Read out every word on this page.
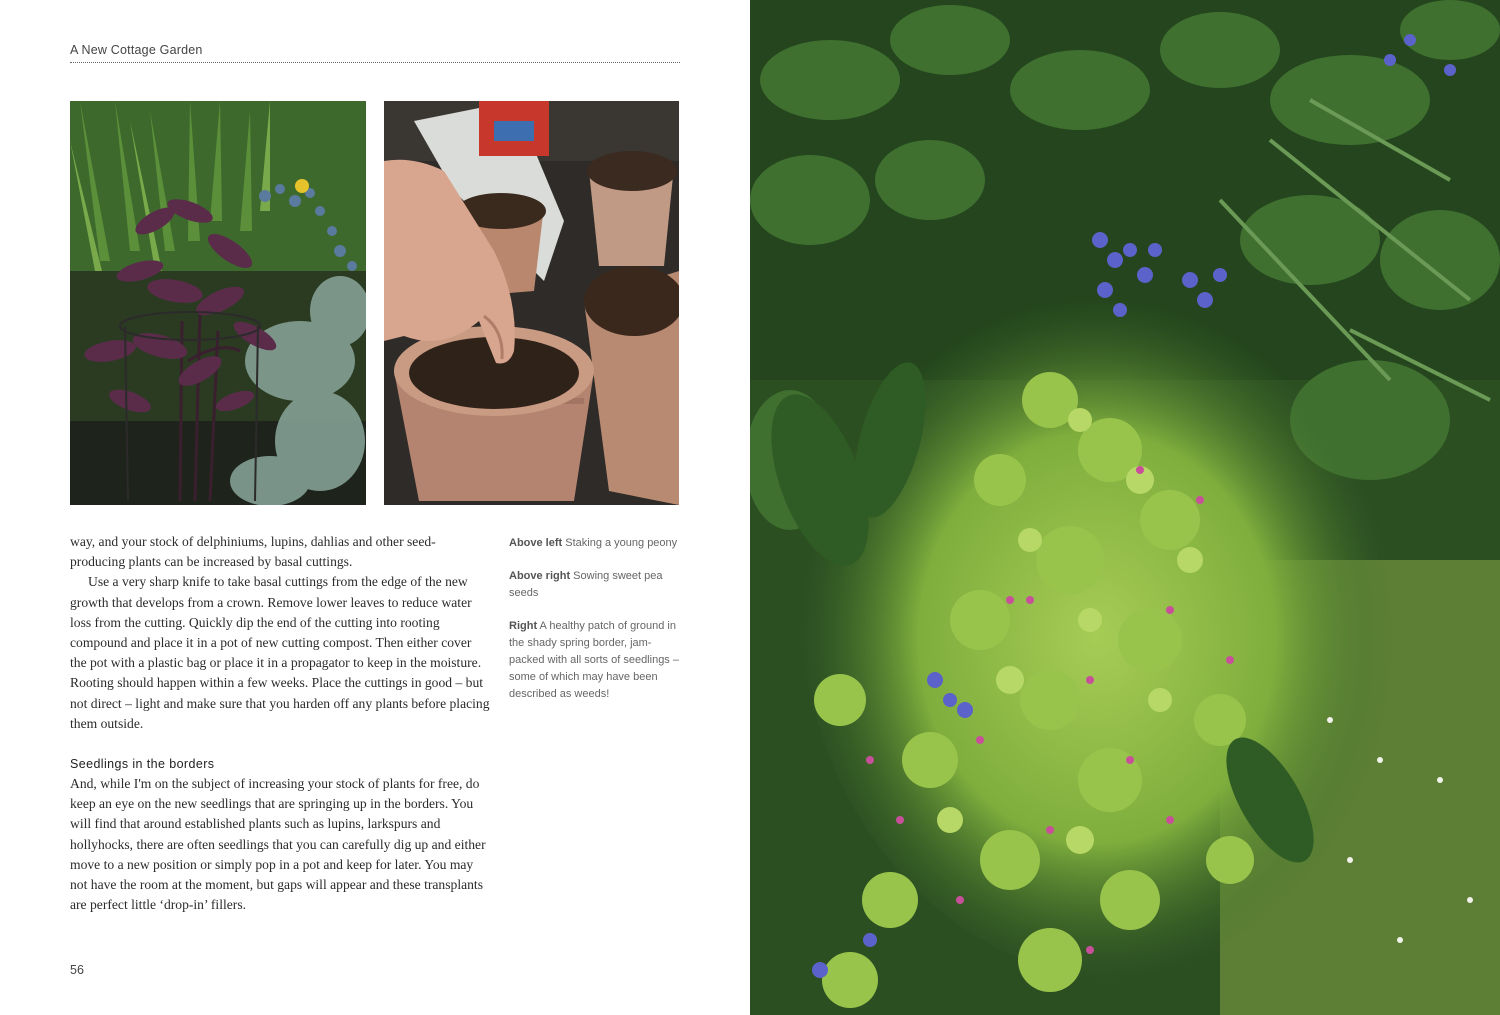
A New Cottage Garden

way, and your stock of delphiniums, lupins, dahlias and other seed-producing plants can be increased by basal cuttings.

Use a very sharp knife to take basal cuttings from the edge of the new growth that develops from a crown. Remove lower leaves to reduce water loss from the cutting. Quickly dip the end of the cutting into rooting compound and place it in a pot of new cutting compost. Then either cover the pot with a plastic bag or place it in a propagator to keep in the moisture. Rooting should happen within a few weeks. Place the cuttings in good – but not direct – light and make sure that you harden off any plants before placing them outside.

Seedlings in the borders

And, while I'm on the subject of increasing your stock of plants for free, do keep an eye on the new seedlings that are springing up in the borders. You will find that around established plants such as lupins, larkspurs and hollyhocks, there are often seedlings that you can carefully dig up and either move to a new position or simply pop in a pot and keep for later. You may not have the room at the moment, but gaps will appear and these transplants are perfect little ‘drop-in’ fillers.

Above left Staking a young peony
Above right Sowing sweet pea seeds
Right A healthy patch of ground in the shady spring border, jam-packed with all sorts of seedlings – some of which may have been described as weeds!
56
